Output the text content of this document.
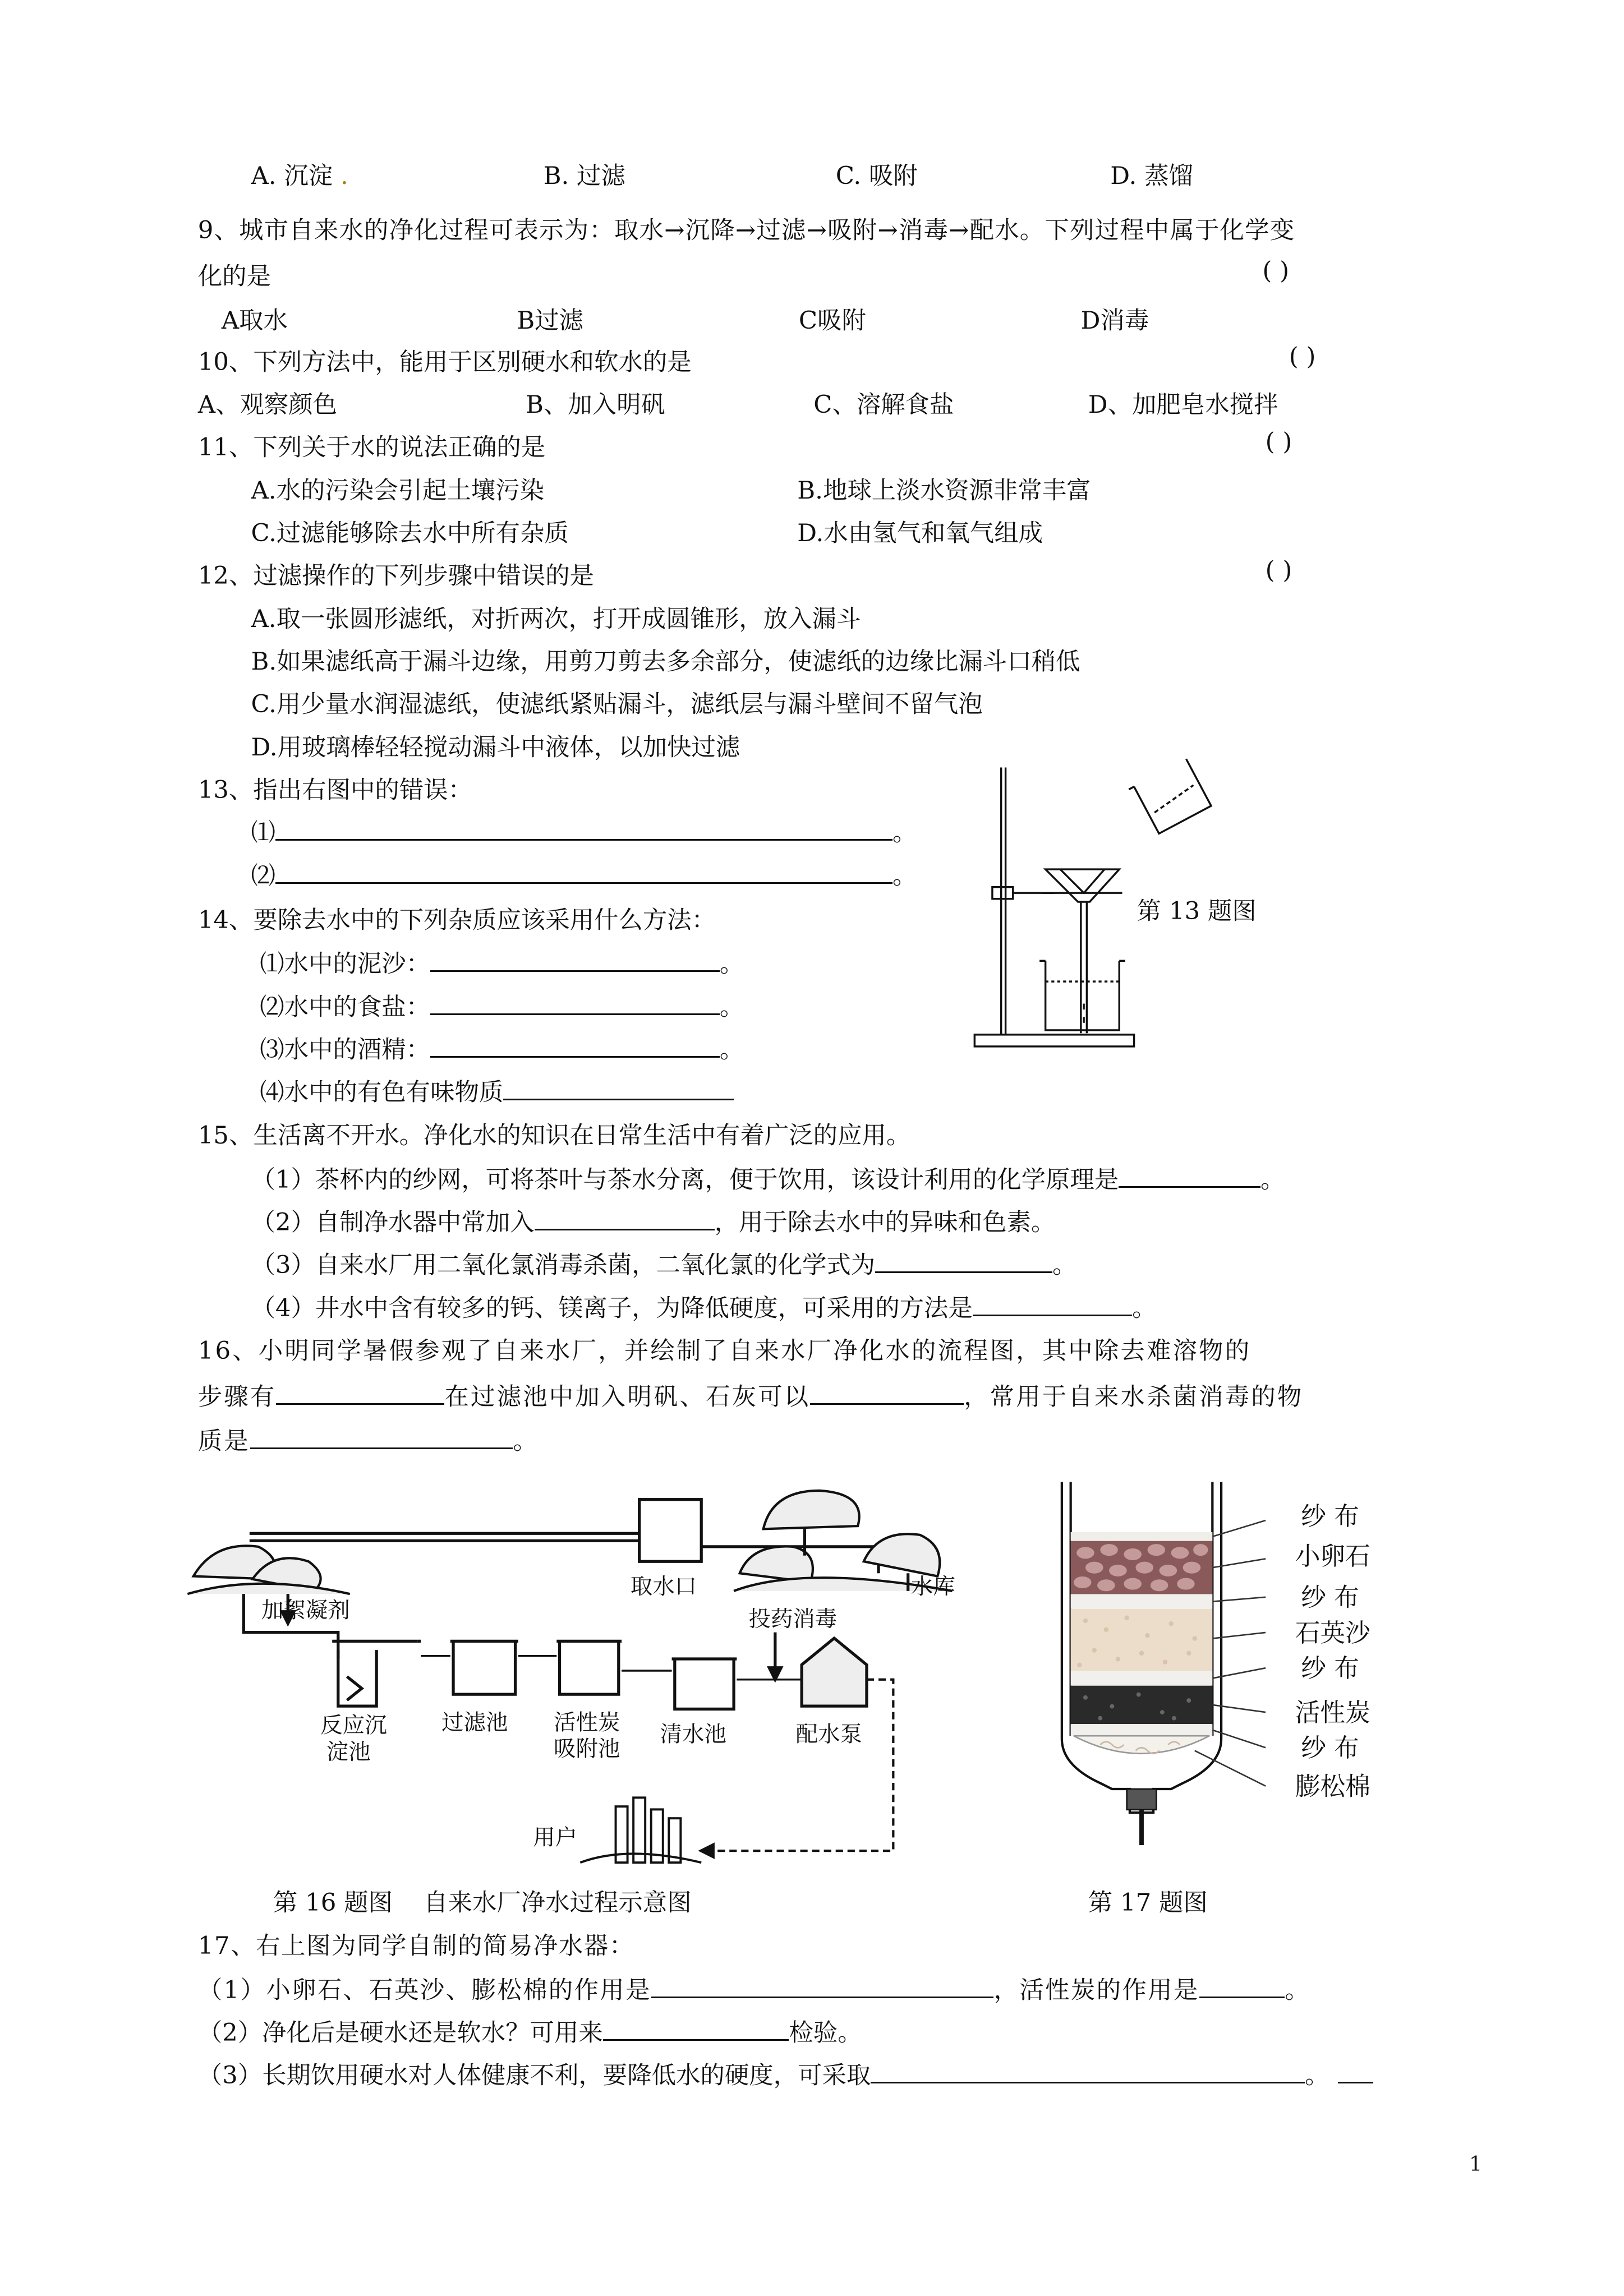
A. 沉淀 .	B. 过滤	C. 吸附	D. 蒸馏
9、城市自来水的净化过程可表示为：取水→沉降→过滤→吸附→消毒→配水。下列过程中属于化学变
化的是	( )
A取水	B过滤	C吸附	D消毒
10、下列方法中，能用于区别硬水和软水的是	( )
A、观察颜色	B、加入明矾	C、溶解食盐	D、加肥皂水搅拌
11、下列关于水的说法正确的是	( )
A.水的污染会引起土壤污染	B.地球上淡水资源非常丰富
C.过滤能够除去水中所有杂质	D.水由氢气和氧气组成
12、过滤操作的下列步骤中错误的是	( )
A.取一张圆形滤纸，对折两次，打开成圆锥形，放入漏斗
B.如果滤纸高于漏斗边缘，用剪刀剪去多余部分，使滤纸的边缘比漏斗口稍低
C.用少量水润湿滤纸，使滤纸紧贴漏斗，滤纸层与漏斗壁间不留气泡
D.用玻璃棒轻轻搅动漏斗中液体，以加快过滤
13、指出右图中的错误：
⑴	。
⑵	。
第 13 题图
14、要除去水中的下列杂质应该采用什么方法：
⑴水中的泥沙：	。
⑵水中的食盐：	。
⑶水中的酒精：	。
⑷水中的有色有味物质
15、生活离不开水。净化水的知识在日常生活中有着广泛的应用。
（1）茶杯内的纱网，可将茶叶与茶水分离，便于饮用，该设计利用的化学原理是	。
（2）自制净水器中常加入	，用于除去水中的异味和色素。
（3）自来水厂用二氧化氯消毒杀菌，二氧化氯的化学式为	。
（4）井水中含有较多的钙、镁离子，为降低硬度，可采用的方法是	。
16、小明同学暑假参观了自来水厂，并绘制了自来水厂净化水的流程图，其中除去难溶物的
步骤有	在过滤池中加入明矾、石灰可以	，常用于自来水杀菌消毒的物
质是	。
取水口	水库
加絮凝剂
反应沉
淀池
过滤池	活性炭
吸附池
清水池
投药消毒
配水泵
用户
纱 布
小卵石
纱 布
石英沙
纱 布
活性炭
纱 布
膨松棉
第 16 题图    自来水厂净水过程示意图	第 17 题图
17、右上图为同学自制的简易净水器：
（1）小卵石、石英沙、膨松棉的作用是	，活性炭的作用是	。
（2）净化后是硬水还是软水？可用来	检验。
（3）长期饮用硬水对人体健康不利，要降低水的硬度，可采取	。
1
